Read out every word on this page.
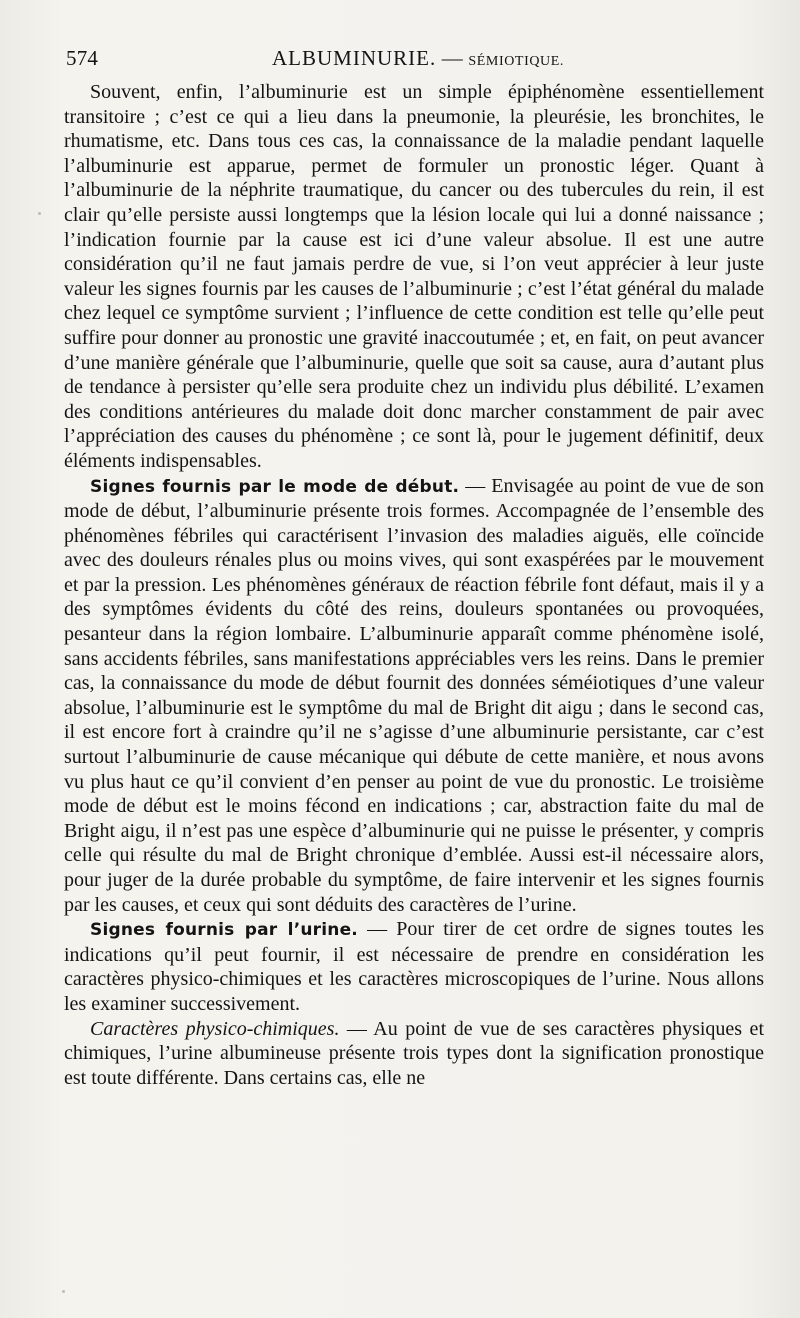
574	ALBUMINURIE. — SÉMIOTIQUE.

Souvent, enfin, l’albuminurie est un simple épiphénomène essentiellement transitoire ; c’est ce qui a lieu dans la pneumonie, la pleurésie, les bronchites, le rhumatisme, etc. Dans tous ces cas, la connaissance de la maladie pendant laquelle l’albuminurie est apparue, permet de formuler un pronostic léger. Quant à l’albuminurie de la néphrite traumatique, du cancer ou des tubercules du rein, il est clair qu’elle persiste aussi longtemps que la lésion locale qui lui a donné naissance ; l’indication fournie par la cause est ici d’une valeur absolue. Il est une autre considération qu’il ne faut jamais perdre de vue, si l’on veut apprécier à leur juste valeur les signes fournis par les causes de l’albuminurie ; c’est l’état général du malade chez lequel ce symptôme survient ; l’influence de cette condition est telle qu’elle peut suffire pour donner au pronostic une gravité inaccoutumée ; et, en fait, on peut avancer d’une manière générale que l’albuminurie, quelle que soit sa cause, aura d’autant plus de tendance à persister qu’elle sera produite chez un individu plus débilité. L’examen des conditions antérieures du malade doit donc marcher constamment de pair avec l’appréciation des causes du phénomène ; ce sont là, pour le jugement définitif, deux éléments indispensables.

Signes fournis par le mode de début. — Envisagée au point de vue de son mode de début, l’albuminurie présente trois formes. Accompagnée de l’ensemble des phénomènes fébriles qui caractérisent l’invasion des maladies aiguës, elle coïncide avec des douleurs rénales plus ou moins vives, qui sont exaspérées par le mouvement et par la pression. Les phénomènes généraux de réaction fébrile font défaut, mais il y a des symptômes évidents du côté des reins, douleurs spontanées ou provoquées, pesanteur dans la région lombaire. L’albuminurie apparaît comme phénomène isolé, sans accidents fébriles, sans manifestations appréciables vers les reins. Dans le premier cas, la connaissance du mode de début fournit des données séméiotiques d’une valeur absolue, l’albuminurie est le symptôme du mal de Bright dit aigu ; dans le second cas, il est encore fort à craindre qu’il ne s’agisse d’une albuminurie persistante, car c’est surtout l’albuminurie de cause mécanique qui débute de cette manière, et nous avons vu plus haut ce qu’il convient d’en penser au point de vue du pronostic. Le troisième mode de début est le moins fécond en indications ; car, abstraction faite du mal de Bright aigu, il n’est pas une espèce d’albuminurie qui ne puisse le présenter, y compris celle qui résulte du mal de Bright chronique d’emblée. Aussi est-il nécessaire alors, pour juger de la durée probable du symptôme, de faire intervenir et les signes fournis par les causes, et ceux qui sont déduits des caractères de l’urine.

Signes fournis par l’urine. — Pour tirer de cet ordre de signes toutes les indications qu’il peut fournir, il est nécessaire de prendre en considération les caractères physico-chimiques et les caractères microscopiques de l’urine. Nous allons les examiner successivement.

Caractères physico-chimiques. — Au point de vue de ses caractères physiques et chimiques, l’urine albumineuse présente trois types dont la signification pronostique est toute différente. Dans certains cas, elle ne
